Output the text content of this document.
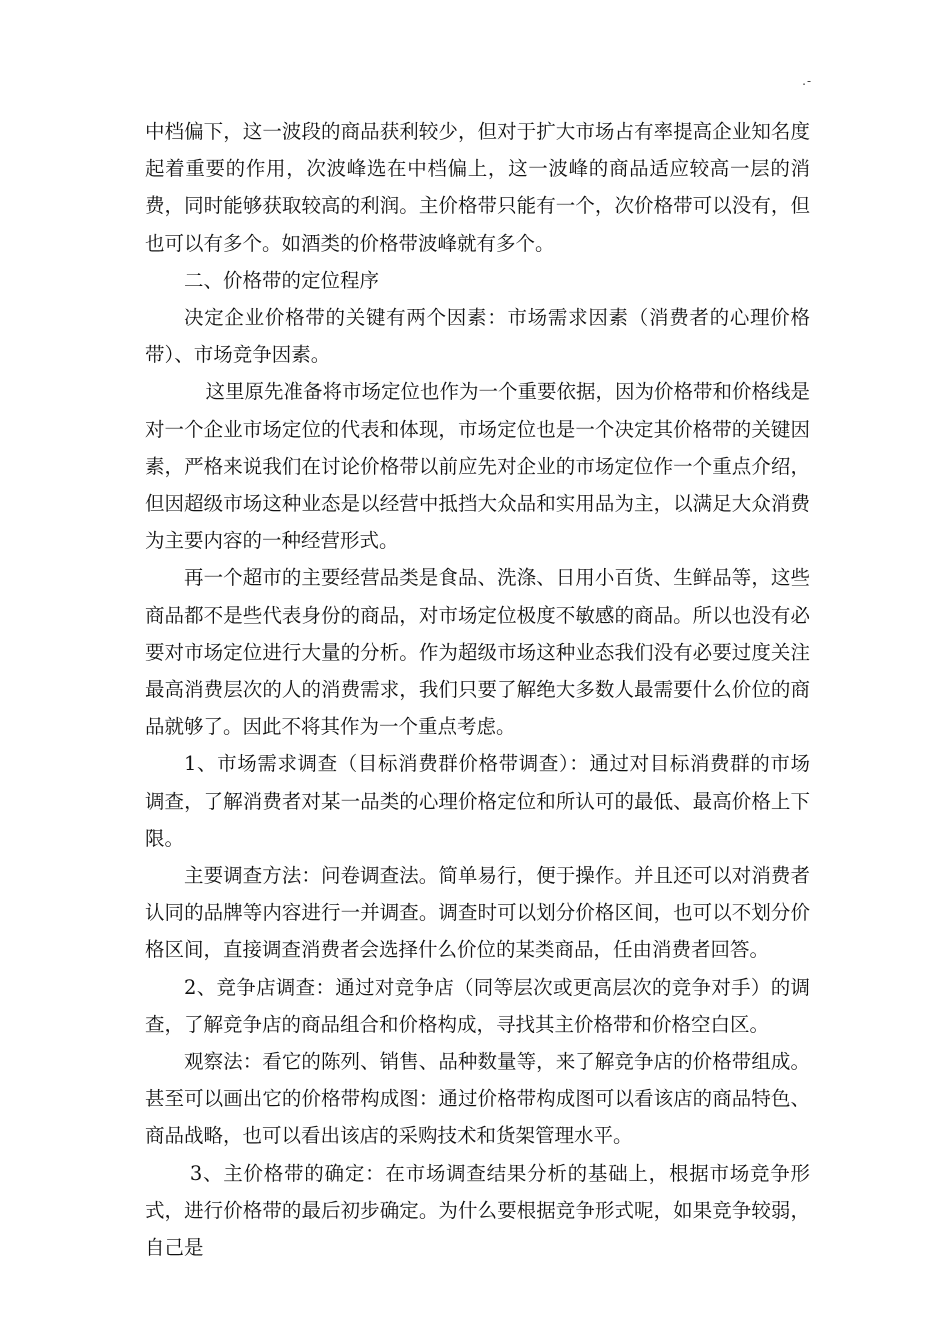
.-

中档偏下，这一波段的商品获利较少，但对于扩大市场占有率提高企业知名度起着重要的作用，次波峰选在中档偏上，这一波峰的商品适应较高一层的消费，同时能够获取较高的利润。主价格带只能有一个，次价格带可以没有，但也可以有多个。如酒类的价格带波峰就有多个。

二、价格带的定位程序

决定企业价格带的关键有两个因素：市场需求因素（消费者的心理价格带）、市场竞争因素。

这里原先准备将市场定位也作为一个重要依据，因为价格带和价格线是对一个企业市场定位的代表和体现，市场定位也是一个决定其价格带的关键因素，严格来说我们在讨论价格带以前应先对企业的市场定位作一个重点介绍，但因超级市场这种业态是以经营中抵挡大众品和实用品为主，以满足大众消费为主要内容的一种经营形式。

再一个超市的主要经营品类是食品、洗涤、日用小百货、生鲜品等，这些商品都不是些代表身份的商品，对市场定位极度不敏感的商品。所以也没有必要对市场定位进行大量的分析。作为超级市场这种业态我们没有必要过度关注最高消费层次的人的消费需求，我们只要了解绝大多数人最需要什么价位的商品就够了。因此不将其作为一个重点考虑。

1、市场需求调查（目标消费群价格带调查）：通过对目标消费群的市场调查，了解消费者对某一品类的心理价格定位和所认可的最低、最高价格上下限。

主要调查方法：问卷调查法。简单易行，便于操作。并且还可以对消费者认同的品牌等内容进行一并调查。调查时可以划分价格区间，也可以不划分价格区间，直接调查消费者会选择什么价位的某类商品，任由消费者回答。

2、竞争店调查：通过对竞争店（同等层次或更高层次的竞争对手）的调查，了解竞争店的商品组合和价格构成，寻找其主价格带和价格空白区。

观察法：看它的陈列、销售、品种数量等，来了解竞争店的价格带组成。甚至可以画出它的价格带构成图：通过价格带构成图可以看该店的商品特色、商品战略，也可以看出该店的采购技术和货架管理水平。

3、主价格带的确定：在市场调查结果分析的基础上，根据市场竞争形式，进行价格带的最后初步确定。为什么要根据竞争形式呢，如果竞争较弱，自己是
